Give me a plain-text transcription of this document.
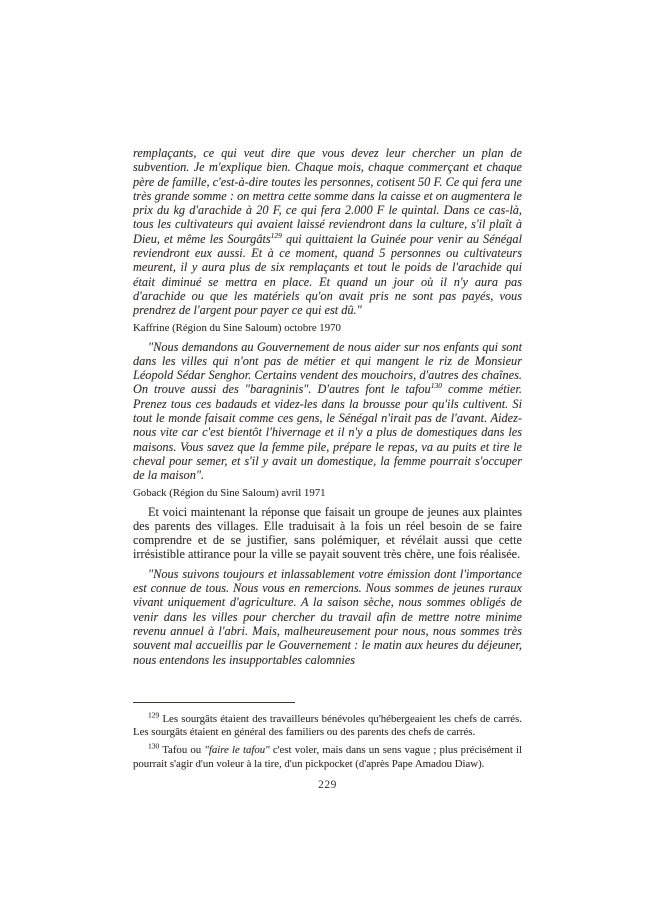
remplaçants, ce qui veut dire que vous devez leur chercher un plan de subvention. Je m'explique bien. Chaque mois, chaque commerçant et chaque père de famille, c'est-à-dire toutes les personnes, cotisent 50 F. Ce qui fera une très grande somme : on mettra cette somme dans la caisse et on augmentera le prix du kg d'arachide à 20 F, ce qui fera 2.000 F le quintal. Dans ce cas-là, tous les cultivateurs qui avaient laissé reviendront dans la culture, s'il plaît à Dieu, et même les Sourgâts$^{129}$ qui quittaient la Guinée pour venir au Sénégal reviendront eux aussi. Et à ce moment, quand 5 personnes ou cultivateurs meurent, il y aura plus de six remplaçants et tout le poids de l'arachide qui était diminué se mettra en place. Et quand un jour où il n'y aura pas d'arachide ou que les matériels qu'on avait pris ne sont pas payés, vous prendrez de l'argent pour payer ce qui est dû."

Kaffrine (Région du Sine Saloum) octobre 1970

"Nous demandons au Gouvernement de nous aider sur nos enfants qui sont dans les villes qui n'ont pas de métier et qui mangent le riz de Monsieur Léopold Sédar Senghor. Certains vendent des mouchoirs, d'autres des chaînes. On trouve aussi des "baragninis". D'autres font le tafou$^{130}$ comme métier. Prenez tous ces badauds et videz-les dans la brousse pour qu'ils cultivent. Si tout le monde faisait comme ces gens, le Sénégal n'irait pas de l'avant. Aidez-nous vite car c'est bientôt l'hivernage et il n'y a plus de domestiques dans les maisons. Vous savez que la femme pile, prépare le repas, va au puits et tire le cheval pour semer, et s'il y avait un domestique, la femme pourrait s'occuper de la maison".

Goback (Région du Sine Saloum) avril 1971

Et voici maintenant la réponse que faisait un groupe de jeunes aux plaintes des parents des villages. Elle traduisait à la fois un réel besoin de se faire comprendre et de se justifier, sans polémiquer, et révélait aussi que cette irrésistible attirance pour la ville se payait souvent très chère, une fois réalisée.

"Nous suivons toujours et inlassablement votre émission dont l'importance est connue de tous. Nous vous en remercions. Nous sommes de jeunes ruraux vivant uniquement d'agriculture. A la saison sèche, nous sommes obligés de venir dans les villes pour chercher du travail afin de mettre notre minime revenu annuel à l'abri. Mais, malheureusement pour nous, nous sommes très souvent mal accueillis par le Gouvernement : le matin aux heures du déjeuner, nous entendons les insupportables calomnies

$^{129}$ Les sourgâts étaient des travailleurs bénévoles qu'hébergeaient les chefs de carrés. Les sourgâts étaient en général des familiers ou des parents des chefs de carrés.

$^{130}$ Tafou ou "faire le tafou" c'est voler, mais dans un sens vague ; plus précisément il pourrait s'agir d'un voleur à la tire, d'un pickpocket (d'après Pape Amadou Diaw).

229
